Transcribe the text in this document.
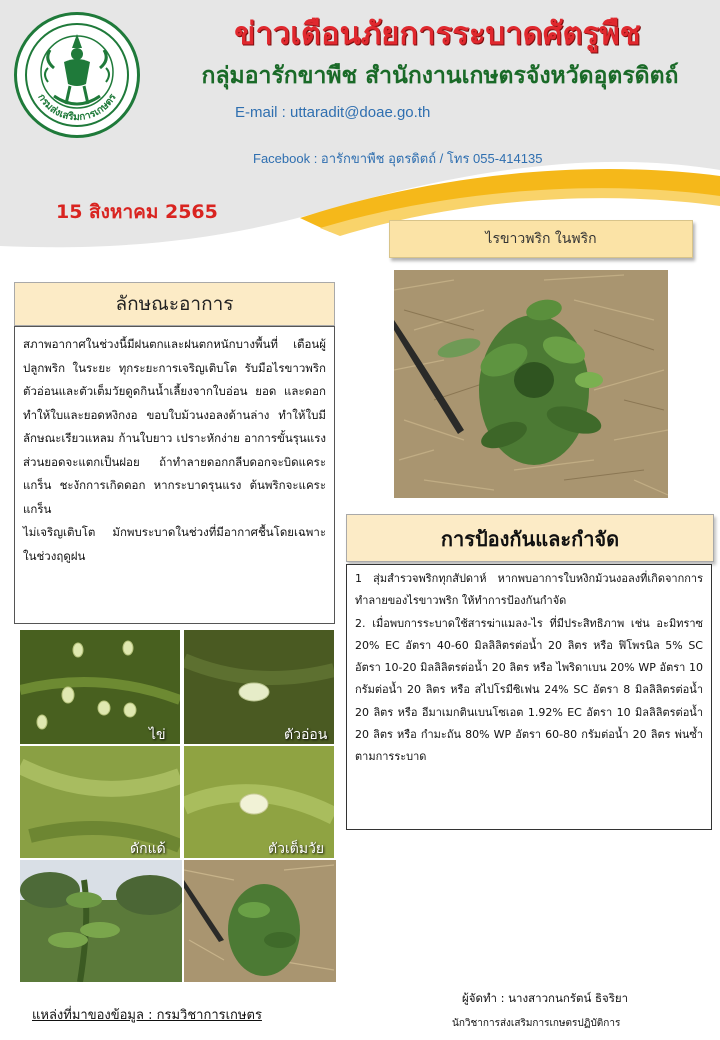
กรมส่งเสริมการเกษตร
ข่าวเตือนภัยการระบาดศัตรูพืช
กลุ่มอารักขาพืช สำนักงานเกษตรจังหวัดอุตรดิตถ์
E-mail : uttaradit@doae.go.th
Facebook : อารักขาพืช อุตรดิตถ์ / โทร 055-414135
15 สิงหาคม 2565
ไรขาวพริก ในพริก
ลักษณะอาการ

สภาพอากาศในช่วงนี้มีฝนตกและฝนตกหนักบางพื้นที่ เตือนผู้ปลูกพริก ในระยะ ทุกระยะการเจริญเติบโต รับมือไรขาวพริก ตัวอ่อนและตัวเต็มวัยดูดกินน้ำเลี้ยงจากใบอ่อน ยอด และดอก ทำให้ใบและยอดหงิกงอ ขอบใบม้วนงอลงด้านล่าง ทำให้ใบมีลักษณะเรียวแหลม ก้านใบยาว เปราะหักง่าย อาการขั้นรุนแรงส่วนยอดจะแตกเป็นฝอย ถ้าทำลายดอกกลีบดอกจะบิดแคระแกร็น ชะงักการเกิดดอก หากระบาดรุนแรง ต้นพริกจะแคระแกร็น

ไม่เจริญเติบโต มักพบระบาดในช่วงที่มีอากาศชื้นโดยเฉพาะในช่วงฤดูฝน

การป้องกันและกำจัด

1 สุ่มสำรวจพริกทุกสัปดาห์ หากพบอาการใบหงิกม้วนงอลงที่เกิดจากการทำลายของไรขาวพริก ให้ทำการป้องกันกำจัด

2. เมื่อพบการระบาดใช้สารฆ่าแมลง-ไร ที่มีประสิทธิภาพ เช่น อะมิทราซ 20% EC อัตรา 40-60 มิลลิลิตรต่อน้ำ 20 ลิตร หรือ ฟิโพรนิล 5% SC อัตรา 10-20 มิลลิลิตรต่อน้ำ 20 ลิตร หรือ ไพริดาเบน 20% WP อัตรา 10 กรัมต่อน้ำ 20 ลิตร หรือ สไปโรมีซิเฟน 24% SC อัตรา 8 มิลลิลิตรต่อน้ำ 20 ลิตร หรือ อีมาเมกตินเบนโซเอต 1.92% EC อัตรา 10 มิลลิลิตรต่อน้ำ 20 ลิตร หรือ กำมะถัน 80% WP อัตรา 60-80 กรัมต่อน้ำ 20 ลิตร พ่นซ้ำตามการระบาด

ไข่	ตัวอ่อน
ดักแด้	ตัวเต็มวัย
แหล่งที่มาของข้อมูล : กรมวิชาการเกษตร
ผู้จัดทำ : นางสาวกนกรัตน์ ธิจริยา
นักวิชาการส่งเสริมการเกษตรปฏิบัติการ
